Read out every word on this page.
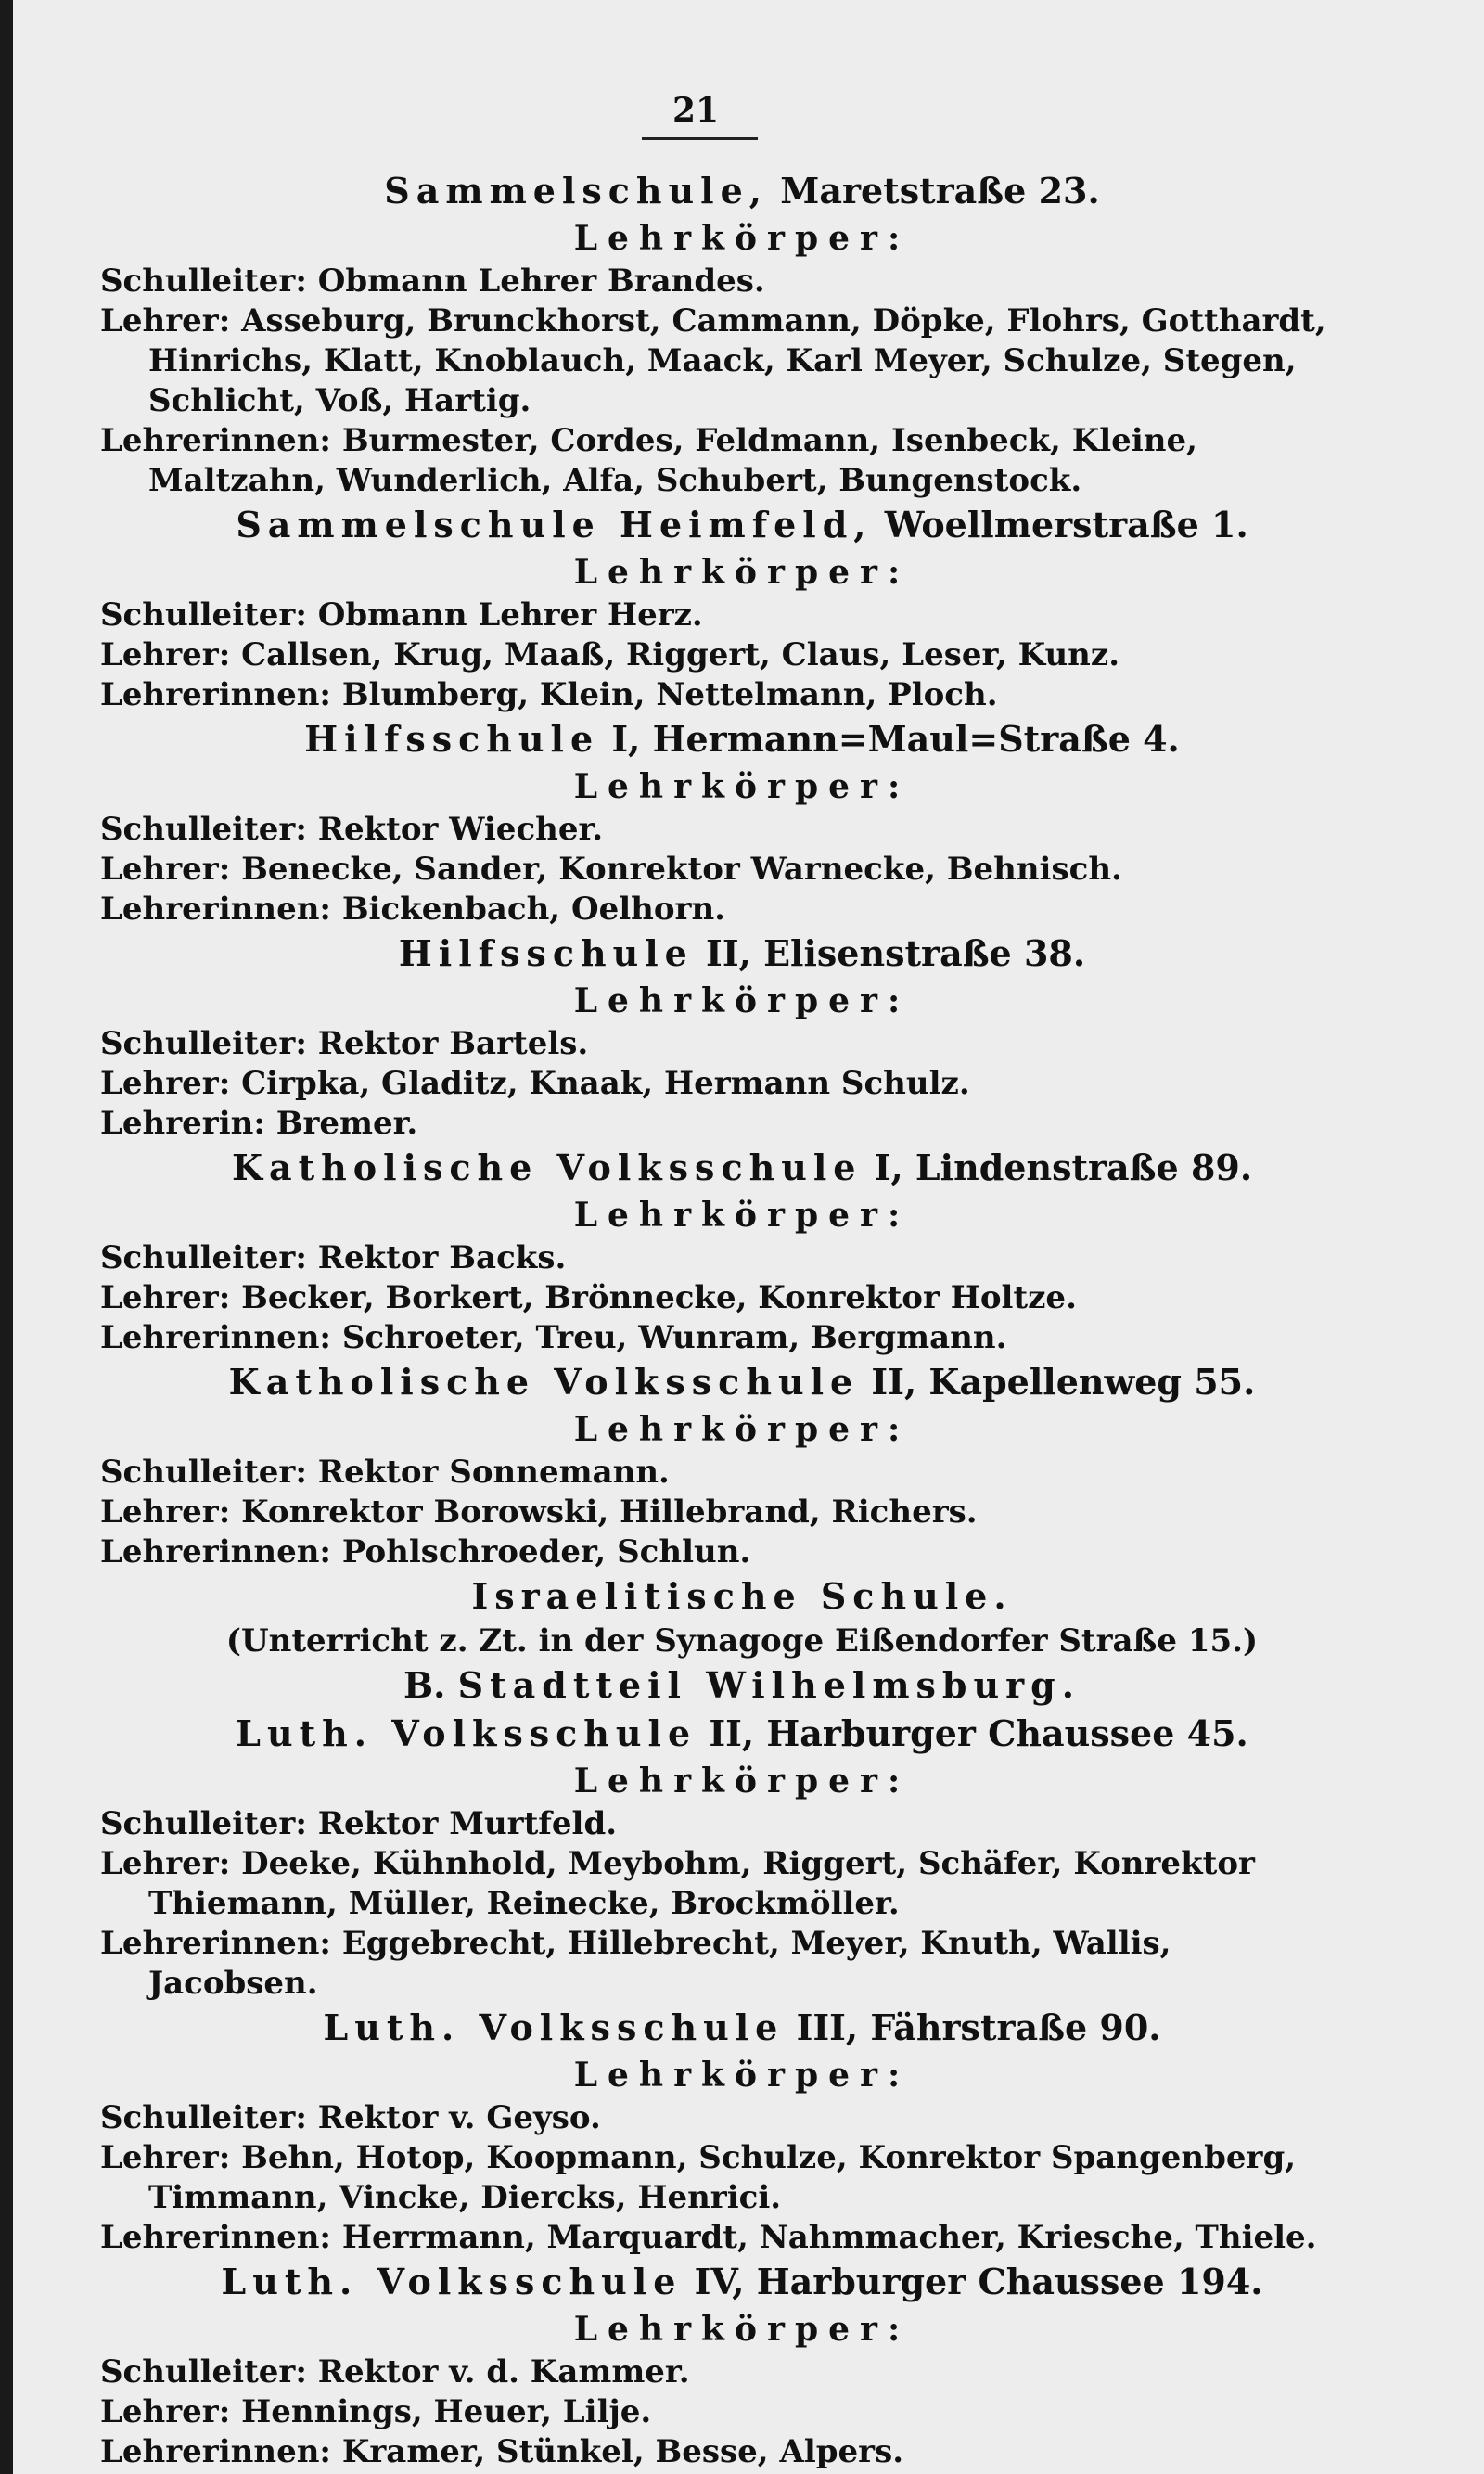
21
Sammelschule, Maretstraße 23.
Lehrkörper:
Schulleiter: Obmann Lehrer Brandes.
Lehrer: Asseburg, Brunckhorst, Cammann, Döpke, Flohrs, Gotthardt, Hinrichs, Klatt, Knoblauch, Maack, Karl Meyer, Schulze, Stegen, Schlicht, Voß, Hartig.
Lehrerinnen: Burmester, Cordes, Feldmann, Isenbeck, Kleine, Maltzahn, Wunderlich, Alfa, Schubert, Bungenstock.
Sammelschule Heimfeld, Woellmerstraße 1.
Lehrkörper:
Schulleiter: Obmann Lehrer Herz.
Lehrer: Callsen, Krug, Maaß, Riggert, Claus, Leser, Kunz.
Lehrerinnen: Blumberg, Klein, Nettelmann, Ploch.
Hilfsschule I, Hermann=Maul=Straße 4.
Lehrkörper:
Schulleiter: Rektor Wiecher.
Lehrer: Benecke, Sander, Konrektor Warnecke, Behnisch.
Lehrerinnen: Bickenbach, Oelhorn.
Hilfsschule II, Elisenstraße 38.
Lehrkörper:
Schulleiter: Rektor Bartels.
Lehrer: Cirpka, Gladitz, Knaak, Hermann Schulz.
Lehrerin: Bremer.
Katholische Volksschule I, Lindenstraße 89.
Lehrkörper:
Schulleiter: Rektor Backs.
Lehrer: Becker, Borkert, Brönnecke, Konrektor Holtze.
Lehrerinnen: Schroeter, Treu, Wunram, Bergmann.
Katholische Volksschule II, Kapellenweg 55.
Lehrkörper:
Schulleiter: Rektor Sonnemann.
Lehrer: Konrektor Borowski, Hillebrand, Richers.
Lehrerinnen: Pohlschroeder, Schlun.
Israelitische Schule.
(Unterricht z. Zt. in der Synagoge Eißendorfer Straße 15.)
B. Stadtteil Wilhelmsburg.
Luth. Volksschule II, Harburger Chaussee 45.
Lehrkörper:
Schulleiter: Rektor Murtfeld.
Lehrer: Deeke, Kühnhold, Meybohm, Riggert, Schäfer, Konrektor Thiemann, Müller, Reinecke, Brockmöller.
Lehrerinnen: Eggebrecht, Hillebrecht, Meyer, Knuth, Wallis, Jacobsen.
Luth. Volksschule III, Fährstraße 90.
Lehrkörper:
Schulleiter: Rektor v. Geyso.
Lehrer: Behn, Hotop, Koopmann, Schulze, Konrektor Spangenberg, Timmann, Vincke, Diercks, Henrici.
Lehrerinnen: Herrmann, Marquardt, Nahmmacher, Kriesche, Thiele.
Luth. Volksschule IV, Harburger Chaussee 194.
Lehrkörper:
Schulleiter: Rektor v. d. Kammer.
Lehrer: Hennings, Heuer, Lilje.
Lehrerinnen: Kramer, Stünkel, Besse, Alpers.
